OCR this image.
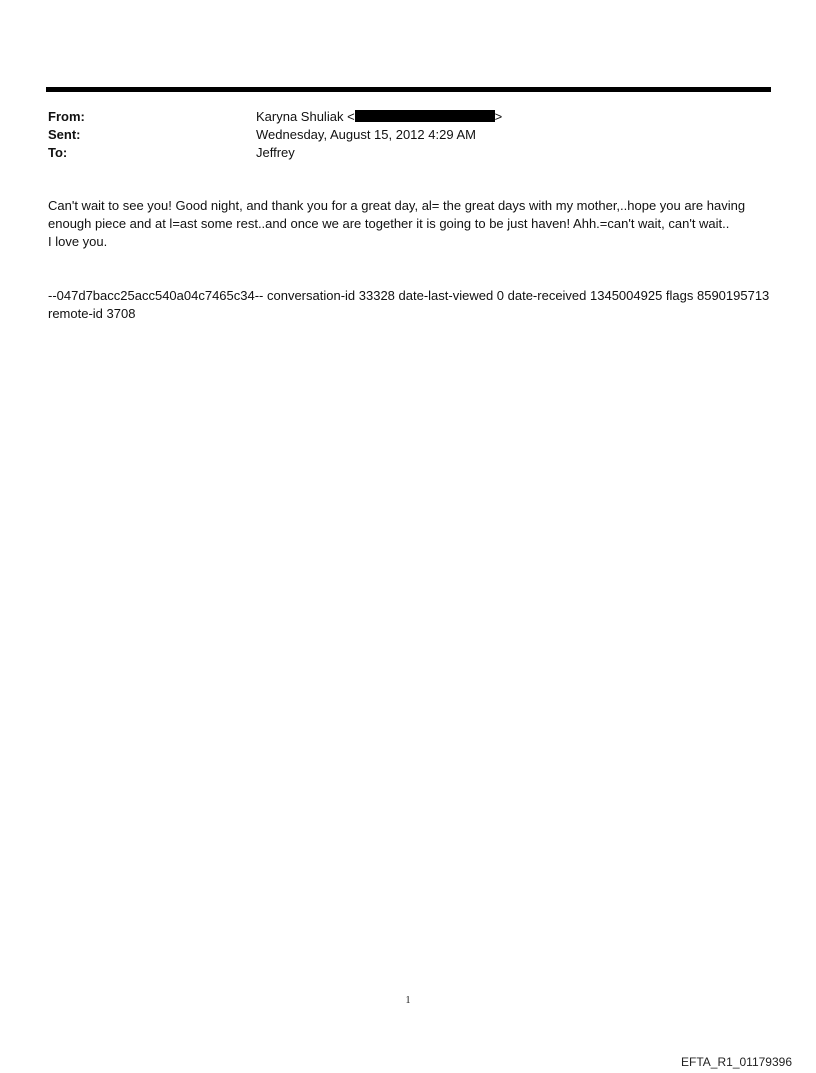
From:	Karyna Shuliak <	>
Sent:	Wednesday, August 15, 2012 4:29 AM
To:	Jeffrey

Can't wait to see you! Good night, and thank you for a great day, al= the great days with my mother,..hope you are having enough piece and at l=ast some rest..and once we are together it is going to be just haven! Ahh.=can't wait, can't wait..

I love you.

--047d7bacc25acc540a04c7465c34-- conversation-id 33328 date-last-viewed 0 date-received 1345004925 flags 8590195713 remote-id 3708
1
EFTA_R1_01179396
